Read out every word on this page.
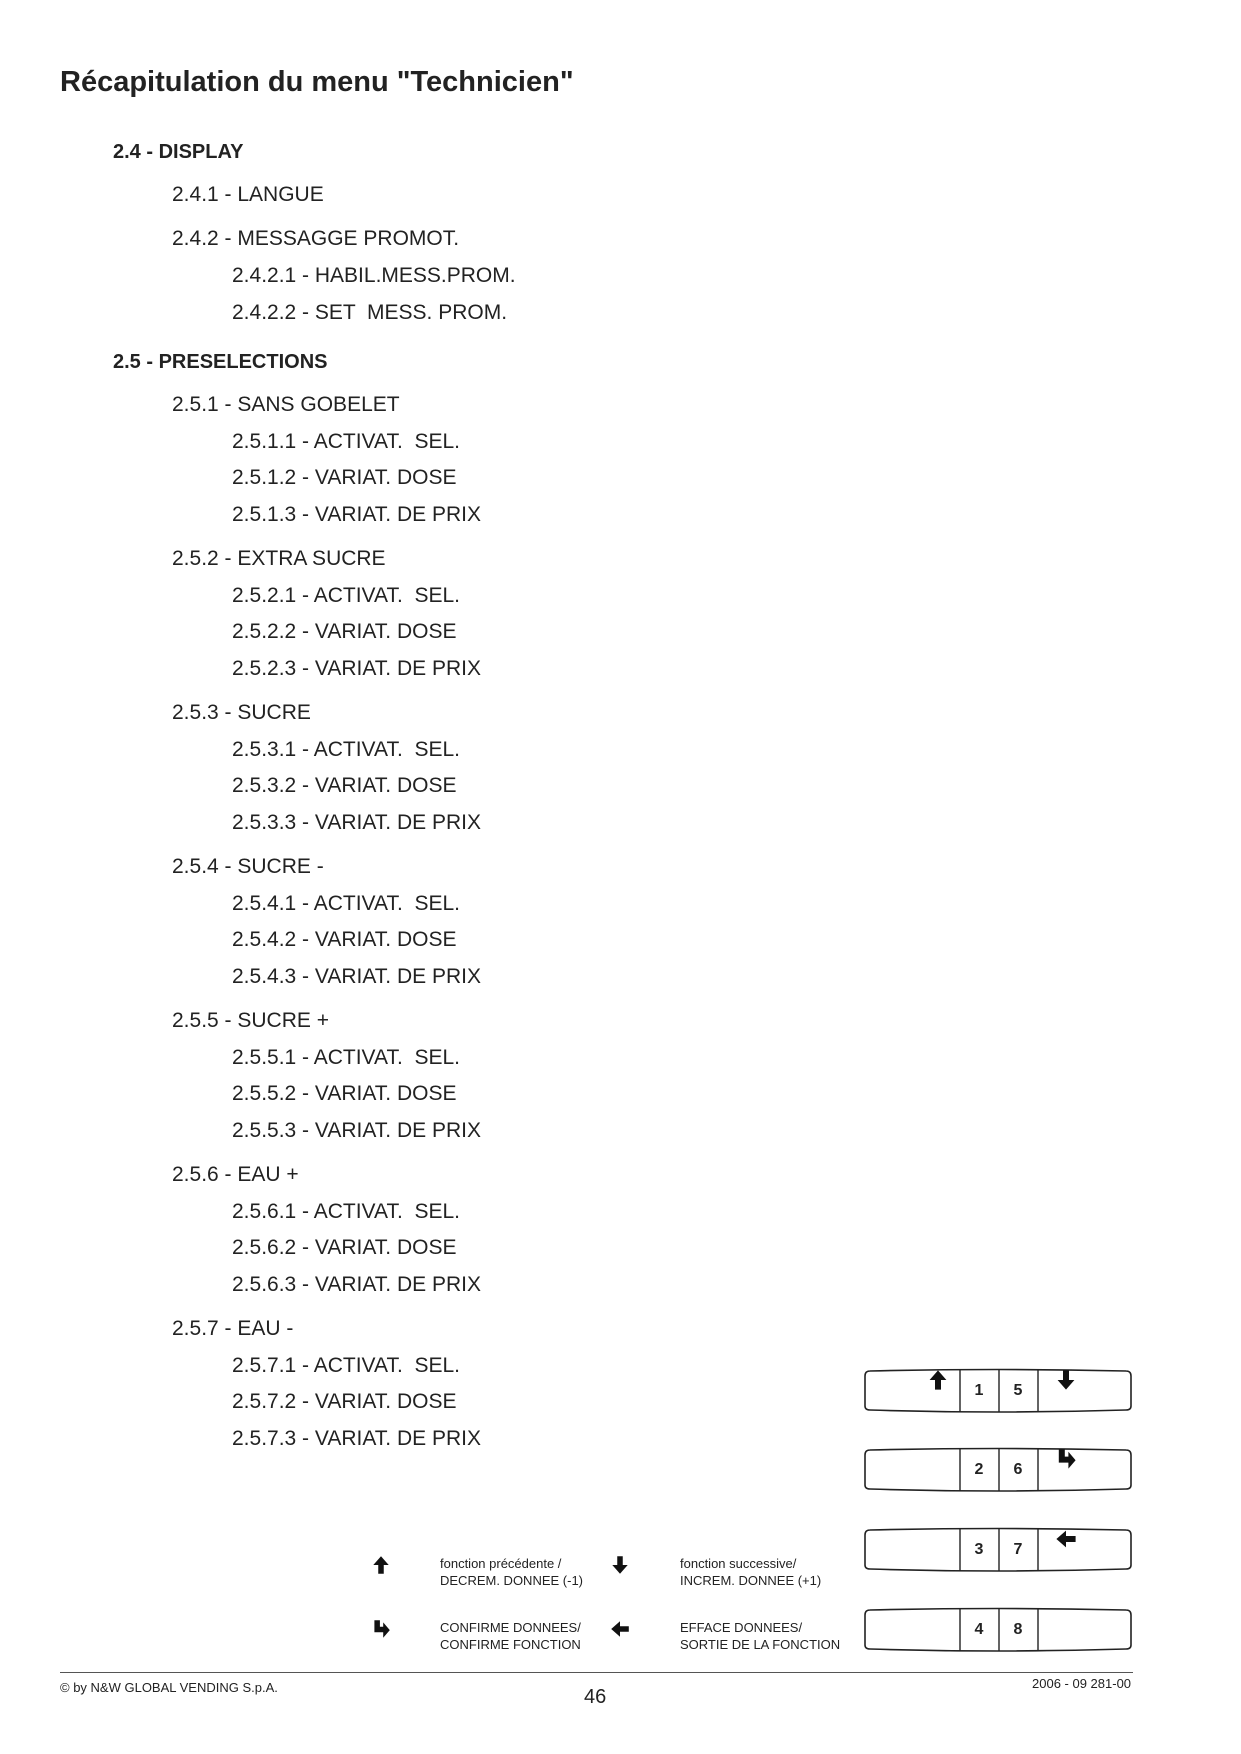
Récapitulation du menu "Technicien"
2.4 - DISPLAY
2.4.1 - LANGUE
2.4.2 - MESSAGGE PROMOT.
2.4.2.1 - HABIL.MESS.PROM.
2.4.2.2 - SET  MESS. PROM.
2.5 - PRESELECTIONS
2.5.1 - SANS GOBELET
2.5.1.1 - ACTIVAT.  SEL.
2.5.1.2 - VARIAT. DOSE
2.5.1.3 - VARIAT. DE PRIX
2.5.2 - EXTRA SUCRE
2.5.2.1 - ACTIVAT.  SEL.
2.5.2.2 - VARIAT. DOSE
2.5.2.3 - VARIAT. DE PRIX
2.5.3 - SUCRE
2.5.3.1 - ACTIVAT.  SEL.
2.5.3.2 - VARIAT. DOSE
2.5.3.3 - VARIAT. DE PRIX
2.5.4 - SUCRE -
2.5.4.1 - ACTIVAT.  SEL.
2.5.4.2 - VARIAT. DOSE
2.5.4.3 - VARIAT. DE PRIX
2.5.5 - SUCRE +
2.5.5.1 - ACTIVAT.  SEL.
2.5.5.2 - VARIAT. DOSE
2.5.5.3 - VARIAT. DE PRIX
2.5.6 - EAU +
2.5.6.1 - ACTIVAT.  SEL.
2.5.6.2 - VARIAT. DOSE
2.5.6.3 - VARIAT. DE PRIX
2.5.7 - EAU -
2.5.7.1 - ACTIVAT.  SEL.
2.5.7.2 - VARIAT. DOSE
2.5.7.3 - VARIAT. DE PRIX
1	5
2	6
3	7
4	8
fonction précédente /
DECREM. DONNEE (-1)
fonction successive/
INCREM. DONNEE (+1)
CONFIRME DONNEES/
CONFIRME FONCTION
EFFACE DONNEES/
SORTIE DE LA FONCTION
© by N&W GLOBAL VENDING S.p.A.	46
2006 - 09 281-00
